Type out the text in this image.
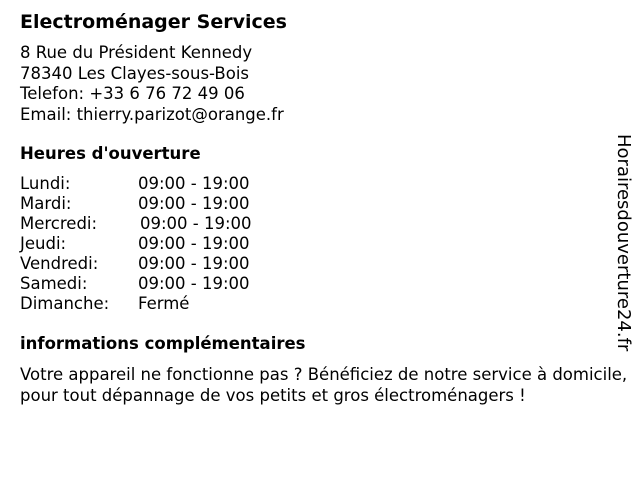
Electroménager Services
8 Rue du Président Kennedy
78340 Les Clayes-sous-Bois
Telefon: +33 6 76 72 49 06
Email: thierry.parizot@orange.fr
Heures d'ouverture
Lundi:	09:00 - 19:00
Mardi:	09:00 - 19:00
Mercredi:	09:00 - 19:00
Jeudi:	09:00 - 19:00
Vendredi: 09:00 - 19:00
Samedi:	09:00 - 19:00
Dimanche: Fermé
informations complémentaires
Votre appareil ne fonctionne pas ? Bénéficiez de notre service à domicile, pour tout dépannage de vos petits et gros électroménagers !
Horairesdouverture24.fr
